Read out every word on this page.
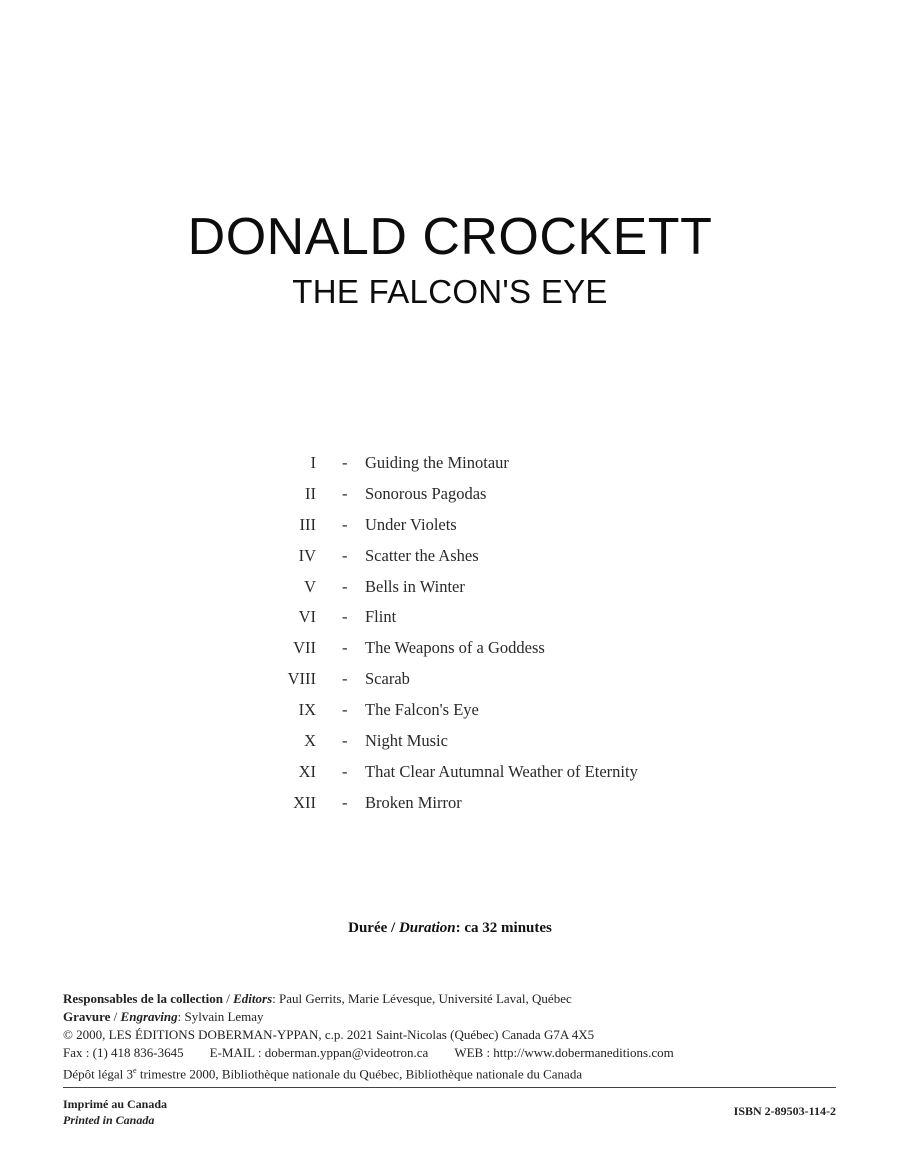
DONALD CROCKETT
THE FALCON'S EYE
I - Guiding the Minotaur
II - Sonorous Pagodas
III - Under Violets
IV - Scatter the Ashes
V - Bells in Winter
VI - Flint
VII - The Weapons of a Goddess
VIII - Scarab
IX - The Falcon's Eye
X - Night Music
XI - That Clear Autumnal Weather of Eternity
XII - Broken Mirror
Durée / Duration: ca 32 minutes
Responsables de la collection / Editors: Paul Gerrits, Marie Lévesque, Université Laval, Québec
Gravure / Engraving: Sylvain Lemay
© 2000, LES ÉDITIONS DOBERMAN-YPPAN, c.p. 2021 Saint-Nicolas (Québec) Canada G7A 4X5
Fax : (1) 418 836-3645 E-MAIL : doberman.yppan@videotron.ca WEB : http://www.dobermaneditions.com
Dépôt légal 3e trimestre 2000, Bibliothèque nationale du Québec, Bibliothèque nationale du Canada
Imprimé au Canada
Printed in Canada
ISBN 2-89503-114-2
